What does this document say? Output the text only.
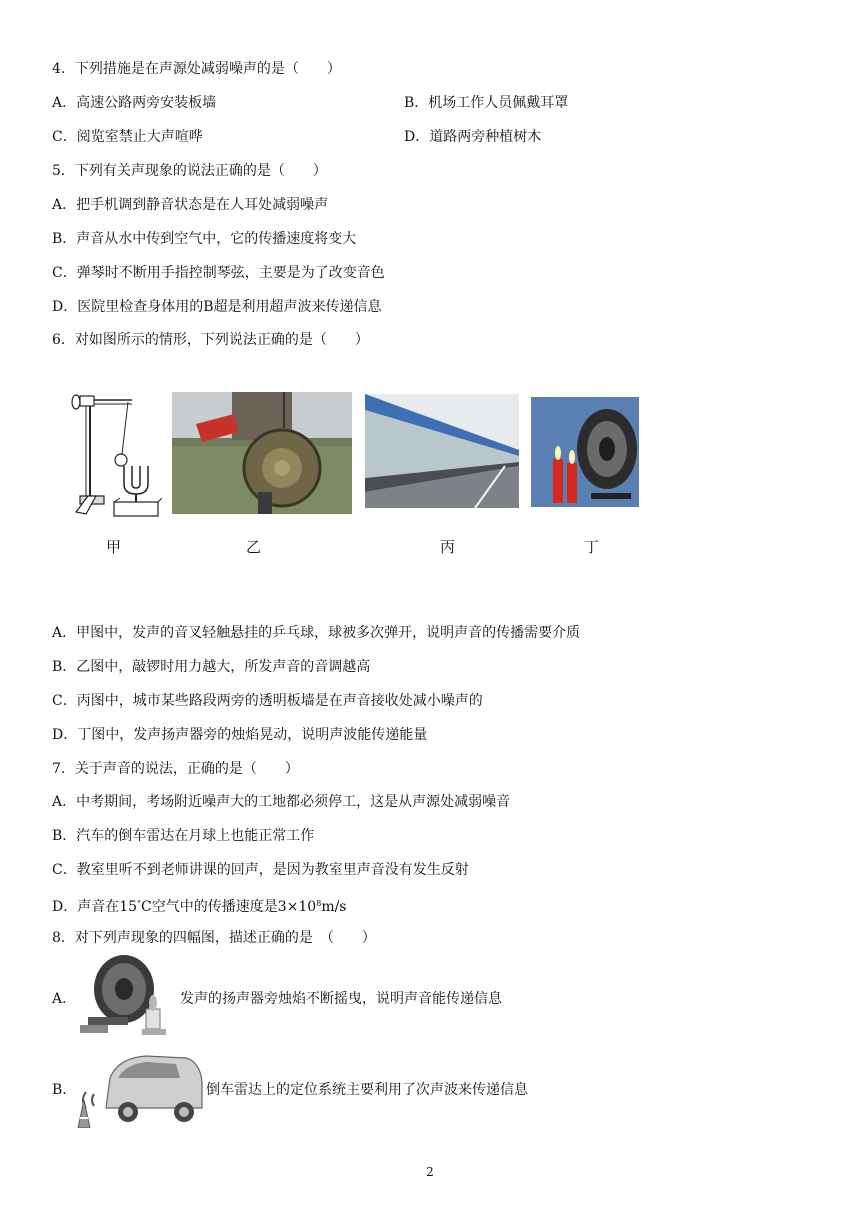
4．下列措施是在声源处减弱噪声的是（　　）
A．高速公路两旁安装板墙	B．机场工作人员佩戴耳罩
C．阅览室禁止大声喧哗	D．道路两旁种植树木
5．下列有关声现象的说法正确的是（　　）
A．把手机调到静音状态是在人耳处减弱噪声
B．声音从水中传到空气中，它的传播速度将变大
C．弹琴时不断用手指控制琴弦，主要是为了改变音色
D．医院里检查身体用的B超是利用超声波来传递信息
6．对如图所示的情形，下列说法正确的是（　　）
甲	乙	丙	丁
A．甲图中，发声的音叉轻触悬挂的乒乓球，球被多次弹开，说明声音的传播需要介质
B．乙图中，敲锣时用力越大，所发声音的音调越高
C．丙图中，城市某些路段两旁的透明板墙是在声音接收处减小噪声的
D．丁图中，发声扬声器旁的烛焰晃动，说明声波能传递能量
7．关于声音的说法，正确的是（　　）
A．中考期间，考场附近噪声大的工地都必须停工，这是从声源处减弱噪音
B．汽车的倒车雷达在月球上也能正常工作
C．教室里听不到老师讲课的回声，是因为教室里声音没有发生反射
D．声音在15°C空气中的传播速度是$3\times 10^8m/s$
8．对下列声现象的四幅图，描述正确的是　（　　）
A．	发声的扬声器旁烛焰不断摇曳，说明声音能传递信息
B．	倒车雷达上的定位系统主要利用了次声波来传递信息
2
